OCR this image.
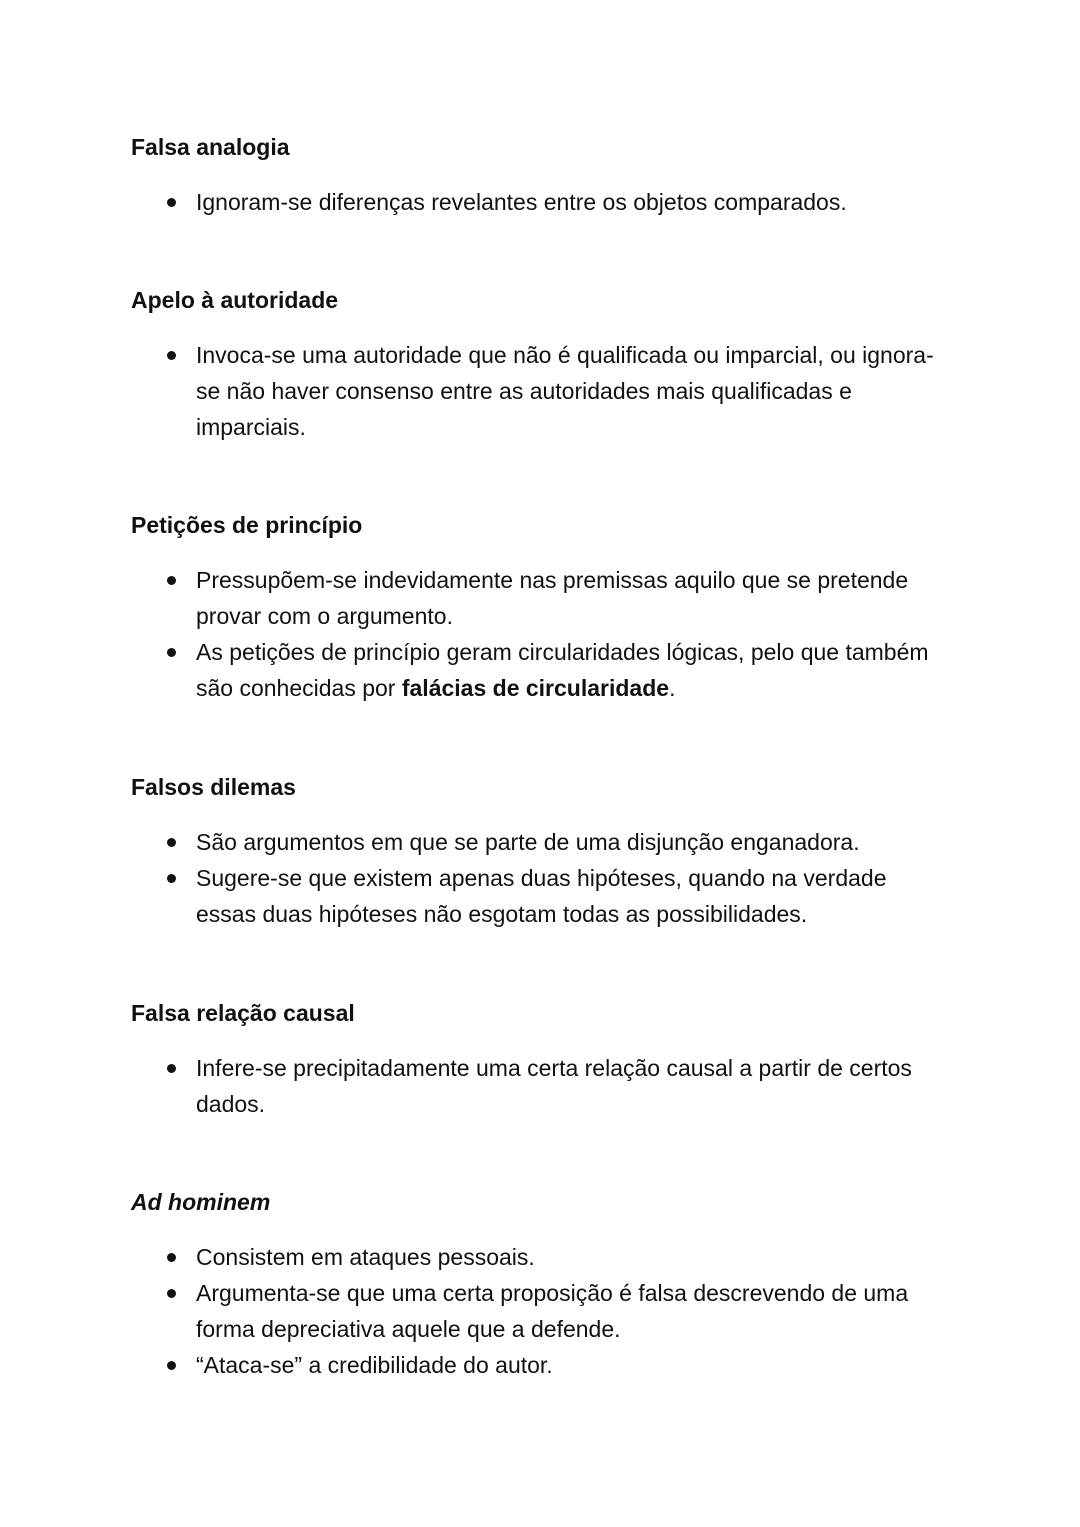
Falsa analogia
Ignoram-se diferenças revelantes entre os objetos comparados.
Apelo à autoridade
Invoca-se uma autoridade que não é qualificada ou imparcial, ou ignora-se não haver consenso entre as autoridades mais qualificadas e imparciais.
Petições de princípio
Pressupõem-se indevidamente nas premissas aquilo que se pretende provar com o argumento.
As petições de princípio geram circularidades lógicas, pelo que também são conhecidas por falácias de circularidade.
Falsos dilemas
São argumentos em que se parte de uma disjunção enganadora.
Sugere-se que existem apenas duas hipóteses, quando na verdade essas duas hipóteses não esgotam todas as possibilidades.
Falsa relação causal
Infere-se precipitadamente uma certa relação causal a partir de certos dados.
Ad hominem
Consistem em ataques pessoais.
Argumenta-se que uma certa proposição é falsa descrevendo de uma forma depreciativa aquele que a defende.
“Ataca-se” a credibilidade do autor.
